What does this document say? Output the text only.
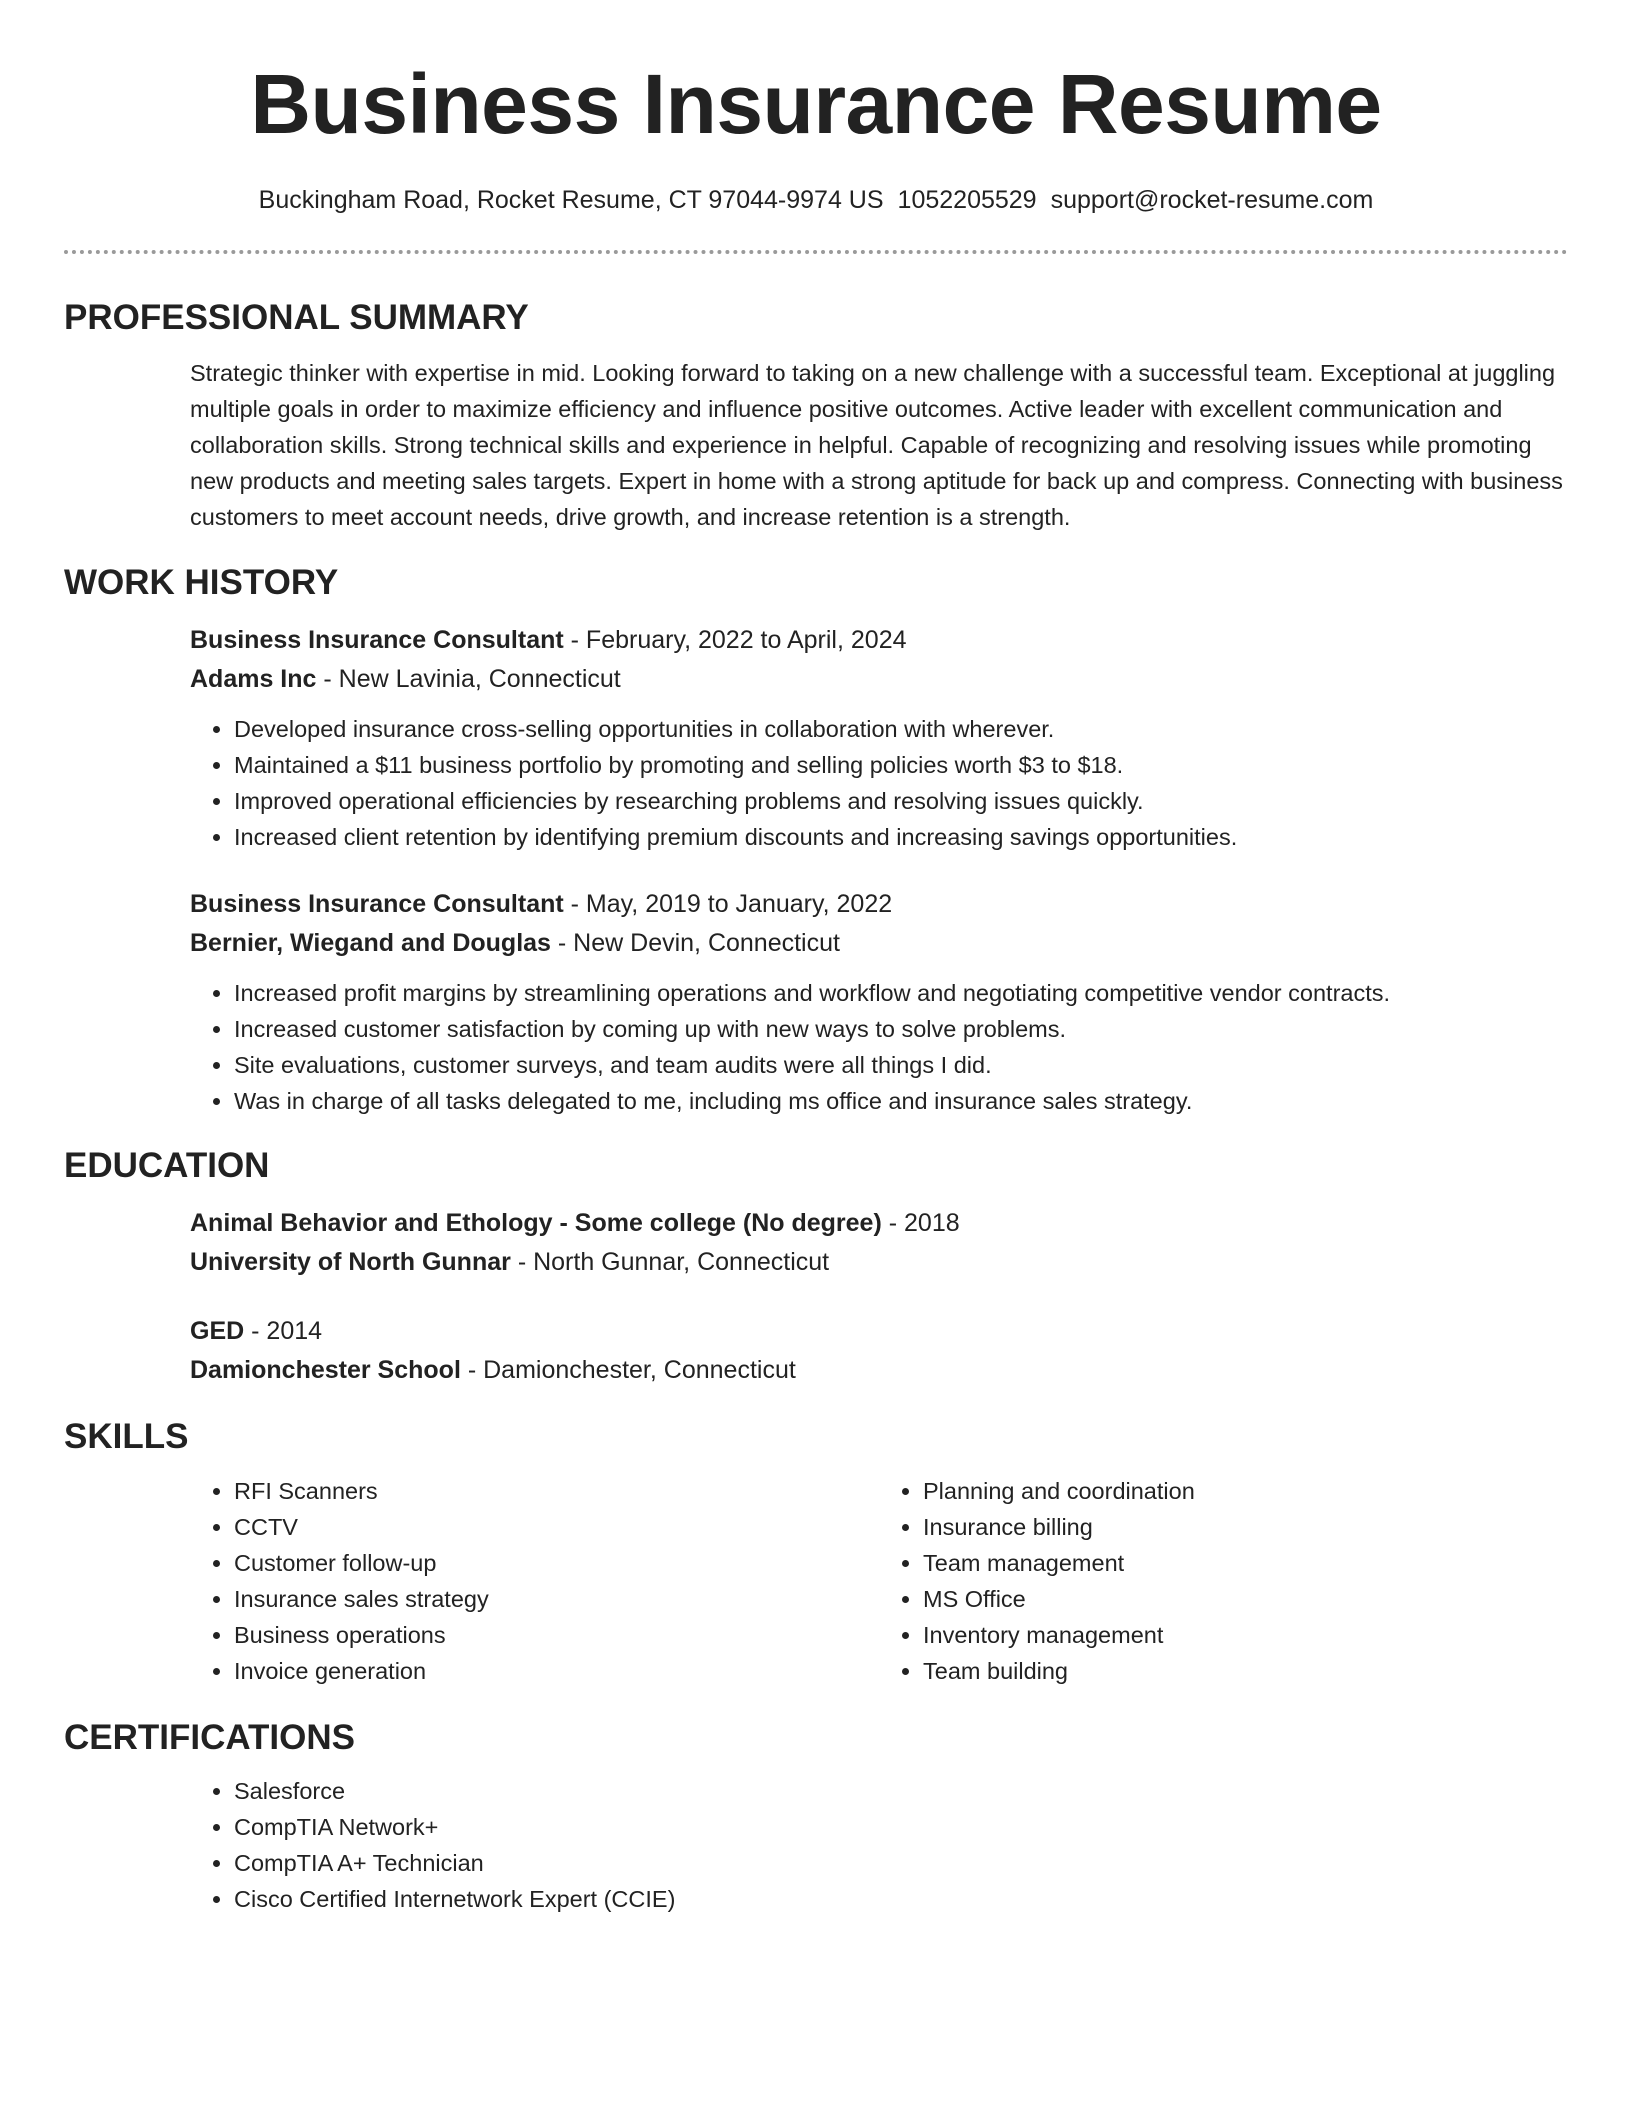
Business Insurance Resume
Buckingham Road, Rocket Resume, CT 97044-9974 US 1052205529 support@rocket-resume.com
PROFESSIONAL SUMMARY

Strategic thinker with expertise in mid. Looking forward to taking on a new challenge with a successful team. Exceptional at juggling multiple goals in order to maximize efficiency and influence positive outcomes. Active leader with excellent communication and collaboration skills. Strong technical skills and experience in helpful. Capable of recognizing and resolving issues while promoting new products and meeting sales targets. Expert in home with a strong aptitude for back up and compress. Connecting with business customers to meet account needs, drive growth, and increase retention is a strength.

WORK HISTORY
Business Insurance Consultant - February, 2022 to April, 2024
Adams Inc - New Lavinia, Connecticut
• Developed insurance cross-selling opportunities in collaboration with wherever.
• Maintained a $11 business portfolio by promoting and selling policies worth $3 to $18.
• Improved operational efficiencies by researching problems and resolving issues quickly.
• Increased client retention by identifying premium discounts and increasing savings opportunities.
Business Insurance Consultant - May, 2019 to January, 2022
Bernier, Wiegand and Douglas - New Devin, Connecticut
• Increased profit margins by streamlining operations and workflow and negotiating competitive vendor contracts.
• Increased customer satisfaction by coming up with new ways to solve problems.
• Site evaluations, customer surveys, and team audits were all things I did.
• Was in charge of all tasks delegated to me, including ms office and insurance sales strategy.
EDUCATION
Animal Behavior and Ethology - Some college (No degree) - 2018
University of North Gunnar - North Gunnar, Connecticut
GED - 2014
Damionchester School - Damionchester, Connecticut
SKILLS
• RFI Scanners
• CCTV
• Customer follow-up
• Insurance sales strategy
• Business operations
• Invoice generation
• Planning and coordination
• Insurance billing
• Team management
• MS Office
• Inventory management
• Team building
CERTIFICATIONS
• Salesforce
• CompTIA Network+
• CompTIA A+ Technician
• Cisco Certified Internetwork Expert (CCIE)
